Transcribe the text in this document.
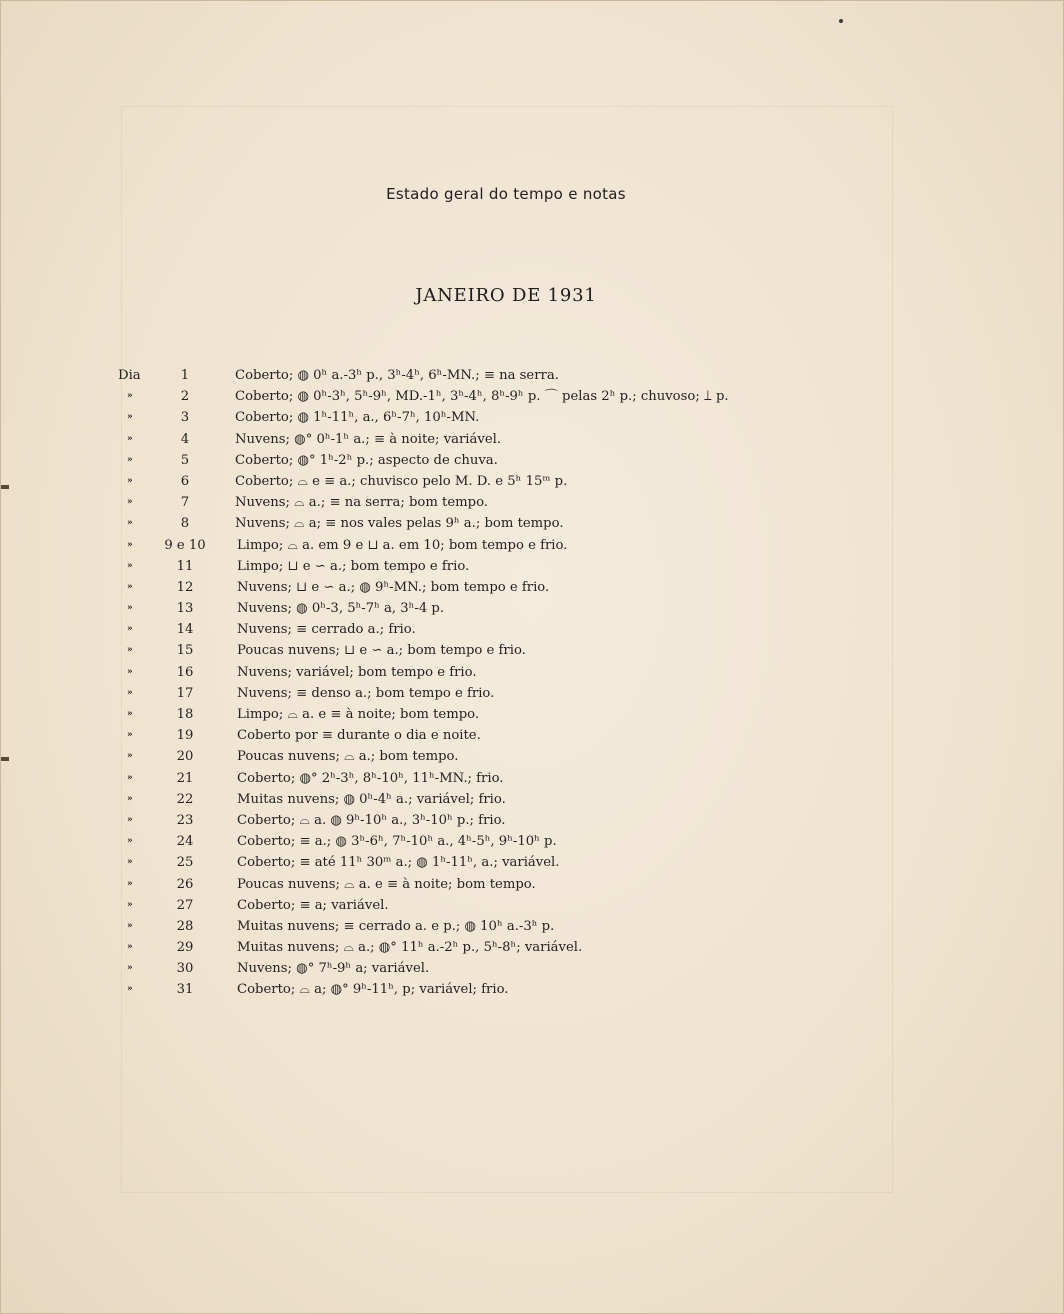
Estado geral do tempo e notas
JANEIRO DE 1931
Dia	1	Coberto; ◍ 0ʰ a.-3ʰ p., 3ʰ-4ʰ, 6ʰ-MN.; ≡ na serra.
»	2	Coberto; ◍ 0ʰ-3ʰ, 5ʰ-9ʰ, MD.-1ʰ, 3ʰ-4ʰ, 8ʰ-9ʰ p. ⌒ pelas 2ʰ p.; chuvoso; ⟘ p.
»	3	Coberto; ◍ 1ʰ-11ʰ, a., 6ʰ-7ʰ, 10ʰ-MN.
»	4	Nuvens; ◍° 0ʰ-1ʰ a.; ≡ à noite; variável.
»	5	Coberto; ◍° 1ʰ-2ʰ p.; aspecto de chuva.
»	6	Coberto; ⌓ e ≡ a.; chuvisco pelo M. D. e 5ʰ 15ᵐ p.
»	7	Nuvens; ⌓ a.; ≡ na serra; bom tempo.
»	8	Nuvens; ⌓ a; ≡ nos vales pelas 9ʰ a.; bom tempo.
»	9 e 10	Limpo; ⌓ a. em 9 e ⊔ a. em 10; bom tempo e frio.
»	11	Limpo; ⊔ e ∽ a.; bom tempo e frio.
»	12	Nuvens; ⊔ e ∽ a.; ◍ 9ʰ-MN.; bom tempo e frio.
»	13	Nuvens; ◍ 0ʰ-3, 5ʰ-7ʰ a, 3ʰ-4 p.
»	14	Nuvens; ≡ cerrado a.; frio.
»	15	Poucas nuvens; ⊔ e ∽ a.; bom tempo e frio.
»	16	Nuvens; variável; bom tempo e frio.
»	17	Nuvens; ≡ denso a.; bom tempo e frio.
»	18	Limpo; ⌓ a. e ≡ à noite; bom tempo.
»	19	Coberto por ≡ durante o dia e noite.
»	20	Poucas nuvens; ⌓ a.; bom tempo.
»	21	Coberto; ◍° 2ʰ-3ʰ, 8ʰ-10ʰ, 11ʰ-MN.; frio.
»	22	Muitas nuvens; ◍ 0ʰ-4ʰ a.; variável; frio.
»	23	Coberto; ⌓ a. ◍ 9ʰ-10ʰ a., 3ʰ-10ʰ p.; frio.
»	24	Coberto; ≡ a.; ◍ 3ʰ-6ʰ, 7ʰ-10ʰ a., 4ʰ-5ʰ, 9ʰ-10ʰ p.
»	25	Coberto; ≡ até 11ʰ 30ᵐ a.; ◍ 1ʰ-11ʰ, a.; variável.
»	26	Poucas nuvens; ⌓ a. e ≡ à noite; bom tempo.
»	27	Coberto; ≡ a; variável.
»	28	Muitas nuvens; ≡ cerrado a. e p.; ◍ 10ʰ a.-3ʰ p.
»	29	Muitas nuvens; ⌓ a.; ◍° 11ʰ a.-2ʰ p., 5ʰ-8ʰ; variável.
»	30	Nuvens; ◍° 7ʰ-9ʰ a; variável.
»	31	Coberto; ⌓ a; ◍° 9ʰ-11ʰ, p; variável; frio.
